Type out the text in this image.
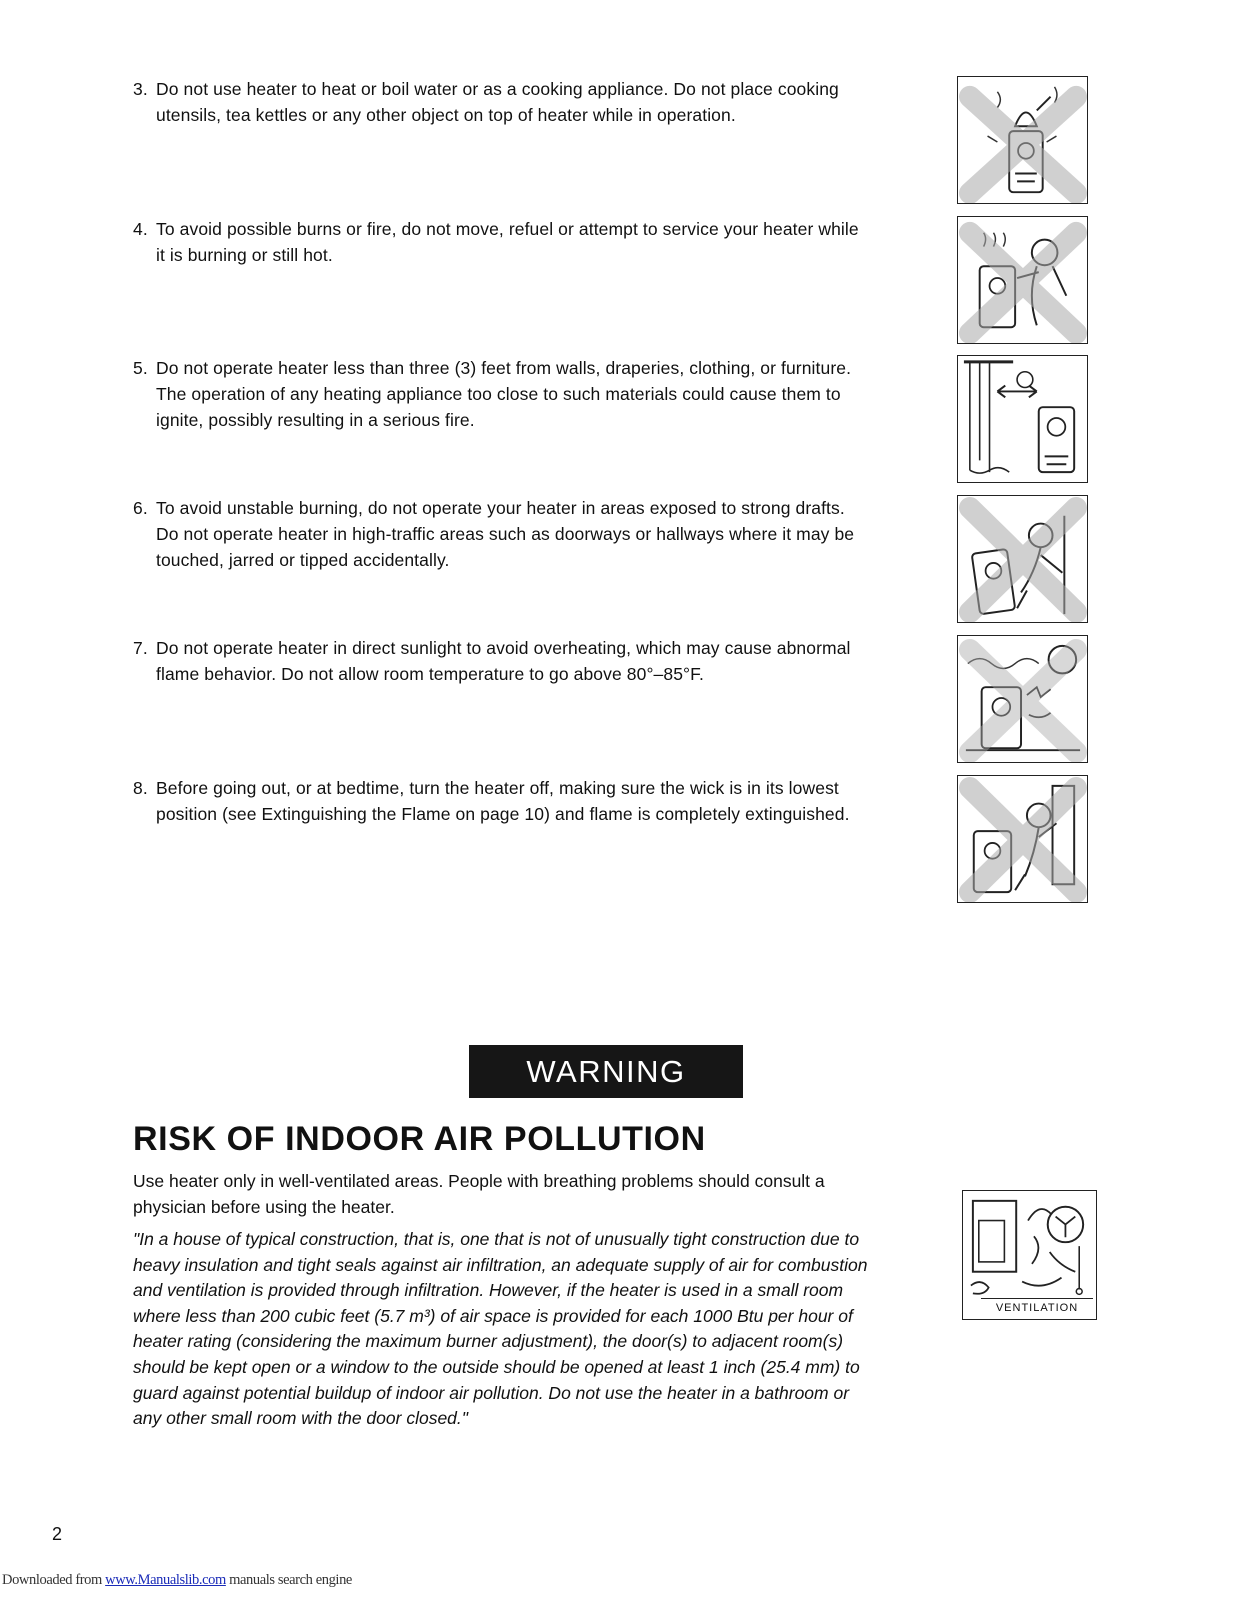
3. Do not use heater to heat or boil water or as a cooking appliance. Do not place cooking utensils, tea kettles or any other object on top of heater while in operation.
4. To avoid possible burns or fire, do not move, refuel or attempt to service your heater while it is burning or still hot.
5. Do not operate heater less than three (3) feet from walls, draperies, clothing, or furniture. The operation of any heating appliance too close to such materials could cause them to ignite, possibly resulting in a serious fire.
6. To avoid unstable burning, do not operate your heater in areas exposed to strong drafts. Do not operate heater in high-traffic areas such as doorways or hallways where it may be touched, jarred or tipped accidentally.
7. Do not operate heater in direct sunlight to avoid overheating, which may cause abnormal flame behavior. Do not allow room temperature to go above 80°–85°F.
8. Before going out, or at bedtime, turn the heater off, making sure the wick is in its lowest position (see Extinguishing the Flame on page 10) and flame is completely extinguished.
WARNING
RISK OF INDOOR AIR POLLUTION
Use heater only in well-ventilated areas. People with breathing problems should consult a physician before using the heater.
"In a house of typical construction, that is, one that is not of unusually tight construction due to heavy insulation and tight seals against air infiltration, an adequate supply of air for combustion and ventilation is provided through infiltration. However, if the heater is used in a small room where less than 200 cubic feet (5.7 m³) of air space is provided for each 1000 Btu per hour of heater rating (considering the maximum burner adjustment), the door(s) to adjacent room(s) should be kept open or a window to the outside should be opened at least 1 inch (25.4 mm) to guard against potential buildup of indoor air pollution. Do not use the heater in a bathroom or any other small room with the door closed."
VENTILATION
2
Downloaded from www.Manualslib.com manuals search engine
